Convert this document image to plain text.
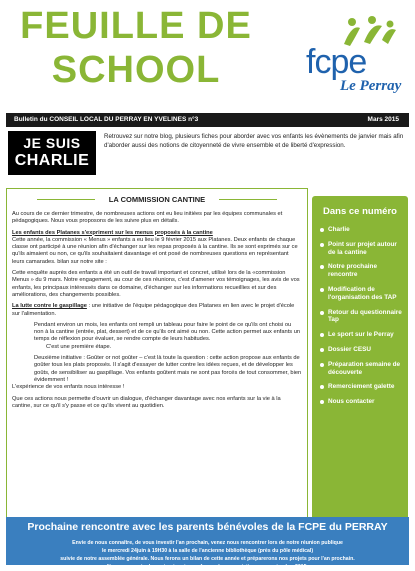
FEUILLE DE
SCHOOL	fcpe
Le Perray
Bulletin du CONSEIL LOCAL DU PERRAY EN YVELINES n°3	Mars 2015
JE SUIS
CHARLIE
Retrouvez sur notre blog, plusieurs fiches pour aborder avec vos enfants les évènements de janvier mais afin d'aborder aussi des notions de citoyenneté de vivre ensemble et de liberté d'expression.
LA COMMISSION CANTINE

Au cours de ce dernier trimestre, de nombreuses actions ont eu lieu initiées par les équipes communales et pédagogiques. Nous vous proposons de les suivre plus en détails.

Les enfants des Platanes s'expriment sur les menus proposés à la cantine

Cette année, la commission « Menus » enfants a eu lieu le 9 février 2015 aux Platanes. Deux enfants de chaque classe ont participé à une réunion afin d'échanger sur les repas proposés à la cantine. Ils se sont exprimés sur ce qu'ils aimaient ou non, ce qu'ils souhaitaient davantage et ont posé de nombreuses questions en représentant leurs camarades. bilan sur notre site :

Cette enquête auprès des enfants a été un outil de travail important et concret, utilisé lors de la «commission Menus » du 9 mars. Notre engagement, au cour de ces réunions, c'est d'amener vos témoignages, les avis de vos enfants, les principaux intéressés dans ce domaine, d'échanger sur les informations recueillies et sur des améliorations, des changements possibles.

La lutte contre le gaspillage : une initiative de l'équipe pédagogique des Platanes en lien avec le projet d'école sur l'alimentation.

Pendant environ un mois, les enfants ont rempli un tableau pour faire le point de ce qu'ils ont choisi ou non à la cantine (entrée, plat, dessert) et de ce qu'ils ont aimé ou non. Cette action permet aux enfants un temps de réflexion pour évaluer, se rendre compte de leurs habitudes.

C'est une première étape.

Deuxième initiative : Goûter or not goûter – c'est là toute la question : cette action propose aux enfants de goûter tous les plats proposés. Il s'agit d'essayer de lutter contre les idées reçues, et de développer les goûts, de sensibiliser au gaspillage. Vos enfants goûtent mais ne sont pas forcés de tout consommer, bien évidemment !

L'expérience de vos enfants nous intéresse !

Que ces actions nous permette d'ouvrir un dialogue, d'échanger davantage avec nos enfants sur la vie à la cantine, sur ce qu'il s'y passe et ce qu'ils vivent au quotidien.

Dans ce numéro
Charlie
Point sur projet autour de la cantine
Notre prochaine rencontre
Modification de l'organisation des TAP
Retour du questionnaire Tap
Le sport sur le Perray
Dossier CESU
Préparation semaine de découverte
Remerciement galette
Nous contacter
Prochaine rencontre avec les parents bénévoles de la FCPE du PERRAY
Envie de nous connaître, de vous investir l'an prochain, venez nous rencontrer lors de notre réunion publique
le mercredi 24juin à 19H30 à la salle de l'ancienne bibliothèque (près du pôle médical)
suivie de notre assemblée générale. Nous ferons un bilan de cette année et préparerons nos projets pour l'an prochain.
Nous serons également présents aux forum des associations en septembre 2015.
